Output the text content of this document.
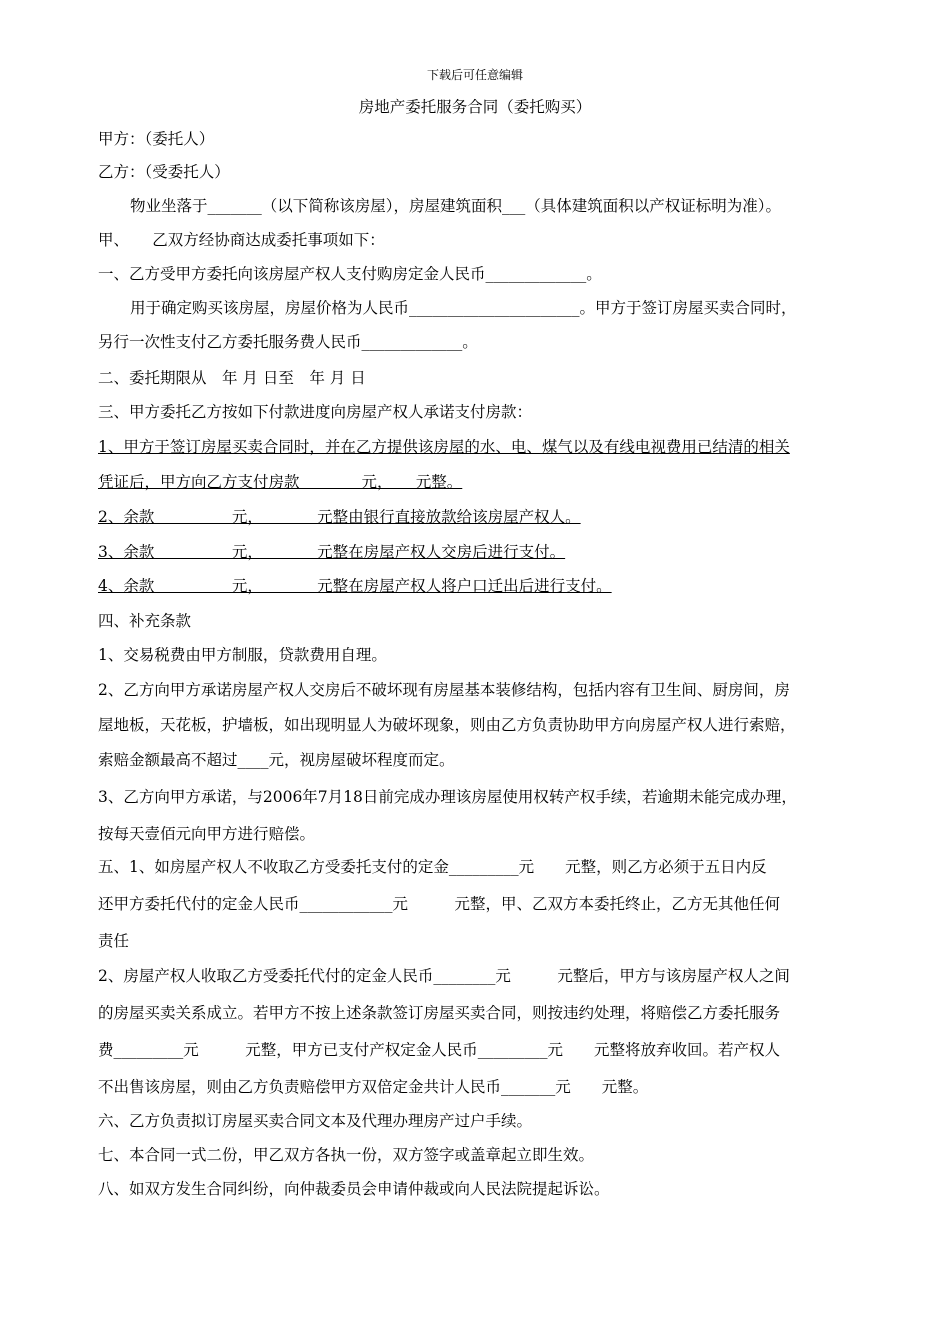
下载后可任意编辑
房地产委托服务合同（委托购买）
甲方：（委托人）
乙方：（受委托人）
物业坐落于_______（以下简称该房屋），房屋建筑面积___（具体建筑面积以产权证标明为准）。
甲、　　乙双方经协商达成委托事项如下：
一、乙方受甲方委托向该房屋产权人支付购房定金人民币_____________。
用于确定购买该房屋，房屋价格为人民币______________________。甲方于签订房屋买卖合同时，
另行一次性支付乙方委托服务费人民币_____________。
二、委托期限从　年 月 日至　年 月 日
三、甲方委托乙方按如下付款进度向房屋产权人承诺支付房款：
1、甲方于签订房屋买卖合同时，并在乙方提供该房屋的水、电、煤气以及有线电视费用已结清的相关
凭证后，甲方向乙方支付房款　　　　元，　　元整。
2、余款　　　　　元，　　　　元整由银行直接放款给该房屋产权人。
3、余款　　　　　元，　　　　元整在房屋产权人交房后进行支付。
4、余款　　　　　元，　　　　元整在房屋产权人将户口迁出后进行支付。
四、补充条款
1、交易税费由甲方制服，贷款费用自理。
2、乙方向甲方承诺房屋产权人交房后不破坏现有房屋基本装修结构，包括内容有卫生间、厨房间，房
屋地板，天花板，护墙板，如出现明显人为破坏现象，则由乙方负责协助甲方向房屋产权人进行索赔，
索赔金额最高不超过____元，视房屋破坏程度而定。
3、乙方向甲方承诺，与2006年7月18日前完成办理该房屋使用权转产权手续，若逾期未能完成办理，
按每天壹佰元向甲方进行赔偿。
五、1、如房屋产权人不收取乙方受委托支付的定金_________元　　元整，则乙方必须于五日内反
还甲方委托代付的定金人民币____________元　　　元整，甲、乙双方本委托终止，乙方无其他任何
责任
2、房屋产权人收取乙方受委托代付的定金人民币________元　　　元整后，甲方与该房屋产权人之间
的房屋买卖关系成立。若甲方不按上述条款签订房屋买卖合同，则按违约处理，将赔偿乙方委托服务
费_________元　　　元整，甲方已支付产权定金人民币_________元　　元整将放弃收回。若产权人
不出售该房屋，则由乙方负责赔偿甲方双倍定金共计人民币_______元　　元整。
六、乙方负责拟订房屋买卖合同文本及代理办理房产过户手续。
七、本合同一式二份，甲乙双方各执一份，双方签字或盖章起立即生效。
八、如双方发生合同纠纷，向仲裁委员会申请仲裁或向人民法院提起诉讼。
